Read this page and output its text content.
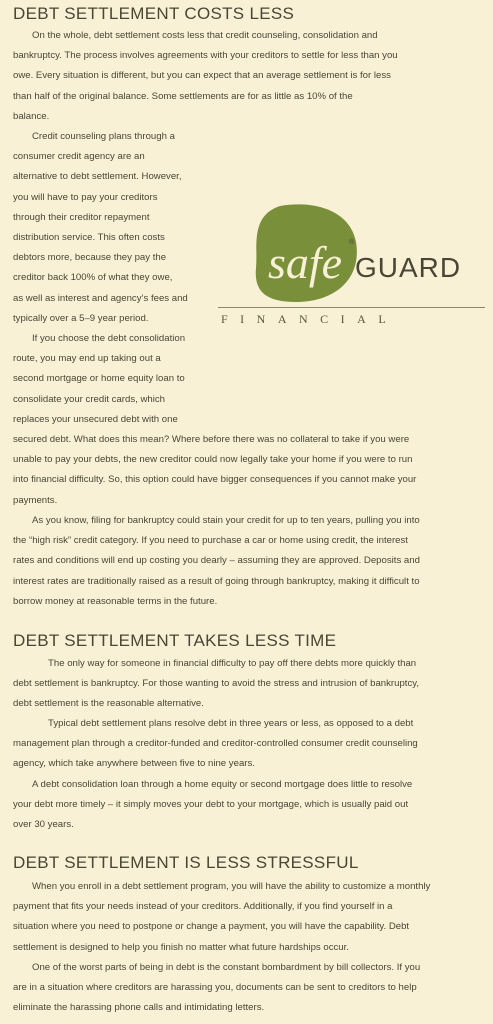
DEBT SETTLEMENT COSTS LESS
On the whole, debt settlement costs less that credit counseling, consolidation and
bankruptcy. The process involves agreements with your creditors to settle for less than you
owe. Every situation is different, but you can expect that an average settlement is for less
than half of the original balance. Some settlements are for as little as 10% of the
balance.
Credit counseling plans through a
consumer credit agency are an
alternative to debt settlement. However,
you will have to pay your creditors
through their creditor repayment
distribution service. This often costs
debtors more, because they pay the
creditor back 100% of what they owe,
as well as interest and agency’s fees and
typically over a 5–9 year period.
If you choose the debt consolidation
route, you may end up taking out a
second mortgage or home equity loan to
consolidate your credit cards, which
replaces your unsecured debt with one
secured debt. What does this mean? Where before there was no collateral to take if you were
unable to pay your debts, the new creditor could now legally take your home if you were to run
into financial difficulty. So, this option could have bigger consequences if you cannot make your
payments.
As you know, filing for bankruptcy could stain your credit for up to ten years, pulling you into
the “high risk” credit category. If you need to purchase a car or home using credit, the interest
rates and conditions will end up costing you dearly – assuming they are approved. Deposits and
interest rates are traditionally raised as a result of going through bankruptcy, making it difficult to
borrow money at reasonable terms in the future.
DEBT SETTLEMENT TAKES LESS TIME
The only way for someone in financial difficulty to pay off there debts more quickly than
debt settlement is bankruptcy. For those wanting to avoid the stress and intrusion of bankruptcy,
debt settlement is the reasonable alternative.
Typical debt settlement plans resolve debt in three years or less, as opposed to a debt
management plan through a creditor-funded and creditor-controlled consumer credit counseling
agency, which take anywhere between five to nine years.
A debt consolidation loan through a home equity or second mortgage does little to resolve
your debt more timely – it simply moves your debt to your mortgage, which is usually paid out
over 30 years.
DEBT SETTLEMENT IS LESS STRESSFUL
When you enroll in a debt settlement program, you will have the ability to customize a monthly
payment that fits your needs instead of your creditors. Additionally, if you find yourself in a
situation where you need to postpone or change a payment, you will have the capability. Debt
settlement is designed to help you finish no matter what future hardships occur.
One of the worst parts of being in debt is the constant bombardment by bill collectors. If you
are in a situation where creditors are harassing you, documents can be sent to creditors to help
eliminate the harassing phone calls and intimidating letters.
safe ®
GUARD
FINANCIAL
